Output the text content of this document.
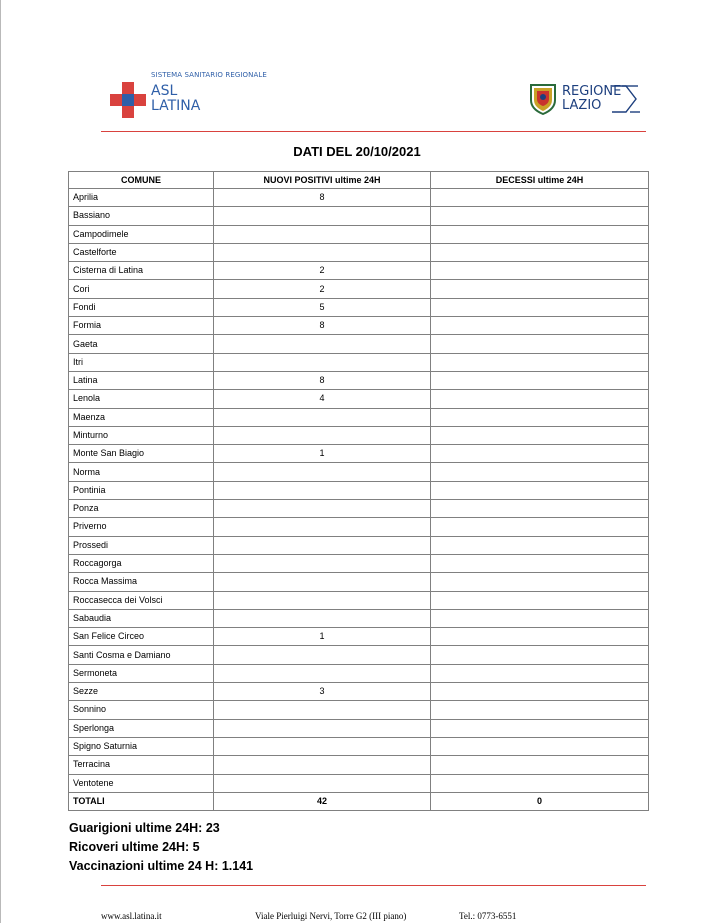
SISTEMA SANITARIO REGIONALE
ASL
LATINA
REGIONE
LAZIO
DATI DEL 20/10/2021
COMUNE	NUOVI POSITIVI ultime 24H	DECESSI ultime 24H
Aprilia	8	
Bassiano		
Campodimele		
Castelforte		
Cisterna di Latina	2	
Cori	2	
Fondi	5	
Formia	8	
Gaeta		
Itri		
Latina	8	
Lenola	4	
Maenza		
Minturno		
Monte San Biagio	1	
Norma		
Pontinia		
Ponza		
Priverno		
Prossedi		
Roccagorga		
Rocca Massima		
Roccasecca dei Volsci		
Sabaudia		
San Felice Circeo	1	
Santi Cosma e Damiano		
Sermoneta		
Sezze	3	
Sonnino		
Sperlonga		
Spigno Saturnia		
Terracina		
Ventotene		
TOTALI	42	0
Guarigioni ultime 24H: 23
Ricoveri ultime 24H: 5
Vaccinazioni ultime 24 H: 1.141
www.asl.latina.it	Viale Pierluigi Nervi, Torre G2 (III piano)	Tel.: 0773-6551
